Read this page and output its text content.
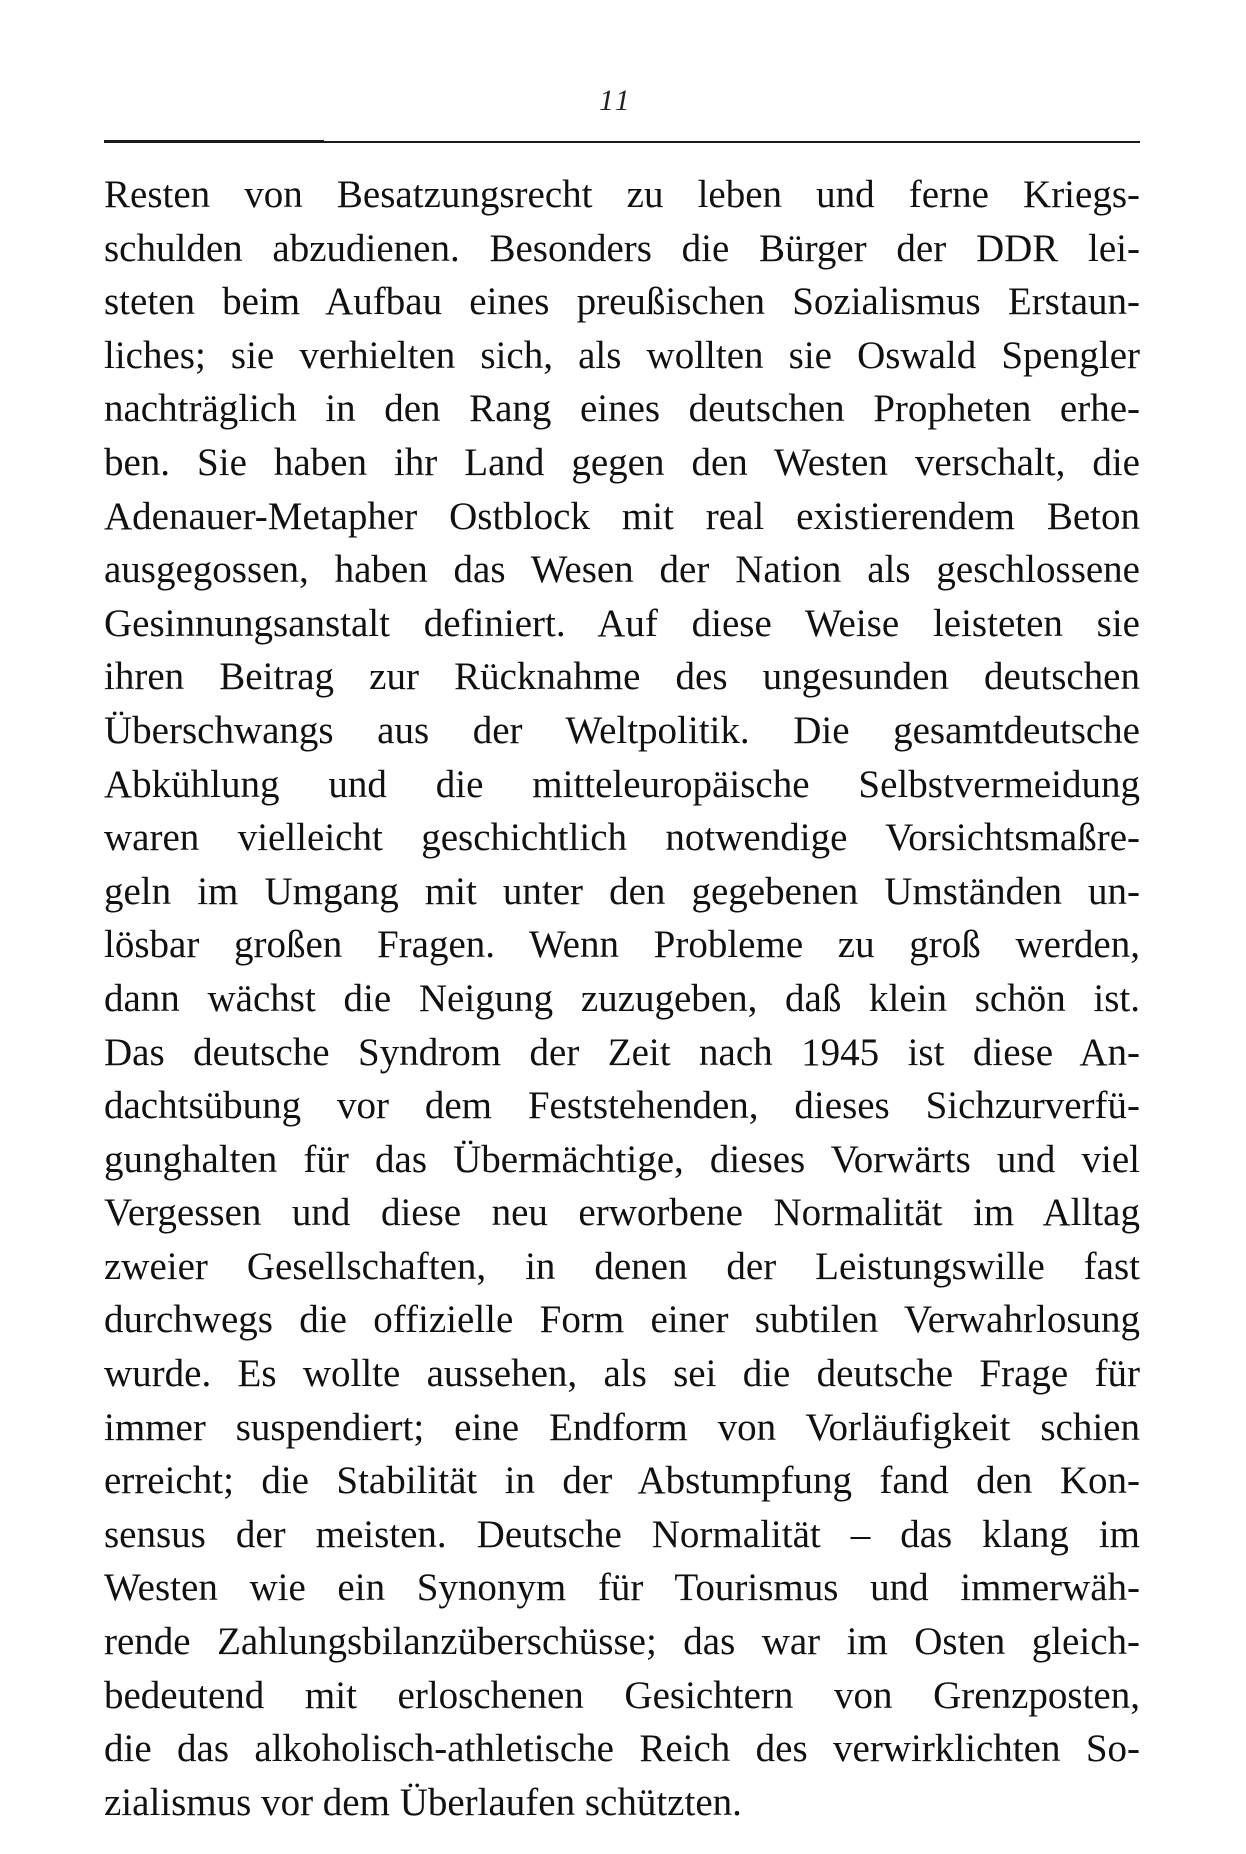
11
Resten von Besatzungsrecht zu leben und ferne Kriegs-
schulden abzudienen. Besonders die Bürger der DDR lei-
steten beim Aufbau eines preußischen Sozialismus Erstaun-
liches; sie verhielten sich, als wollten sie Oswald Spengler
nachträglich in den Rang eines deutschen Propheten erhe-
ben. Sie haben ihr Land gegen den Westen verschalt, die
Adenauer-Metapher Ostblock mit real existierendem Beton
ausgegossen, haben das Wesen der Nation als geschlossene
Gesinnungsanstalt definiert. Auf diese Weise leisteten sie
ihren Beitrag zur Rücknahme des ungesunden deutschen
Überschwangs aus der Weltpolitik. Die gesamtdeutsche
Abkühlung und die mitteleuropäische Selbstvermeidung
waren vielleicht geschichtlich notwendige Vorsichtsmaßre-
geln im Umgang mit unter den gegebenen Umständen un-
lösbar großen Fragen. Wenn Probleme zu groß werden,
dann wächst die Neigung zuzugeben, daß klein schön ist.
Das deutsche Syndrom der Zeit nach 1945 ist diese An-
dachtsübung vor dem Feststehenden, dieses Sichzurverfü-
gunghalten für das Übermächtige, dieses Vorwärts und viel
Vergessen und diese neu erworbene Normalität im Alltag
zweier Gesellschaften, in denen der Leistungswille fast
durchwegs die offizielle Form einer subtilen Verwahrlosung
wurde. Es wollte aussehen, als sei die deutsche Frage für
immer suspendiert; eine Endform von Vorläufigkeit schien
erreicht; die Stabilität in der Abstumpfung fand den Kon-
sensus der meisten. Deutsche Normalität – das klang im
Westen wie ein Synonym für Tourismus und immerwäh-
rende Zahlungsbilanzüberschüsse; das war im Osten gleich-
bedeutend mit erloschenen Gesichtern von Grenzposten,
die das alkoholisch-athletische Reich des verwirklichten So-
zialismus vor dem Überlaufen schützten.
